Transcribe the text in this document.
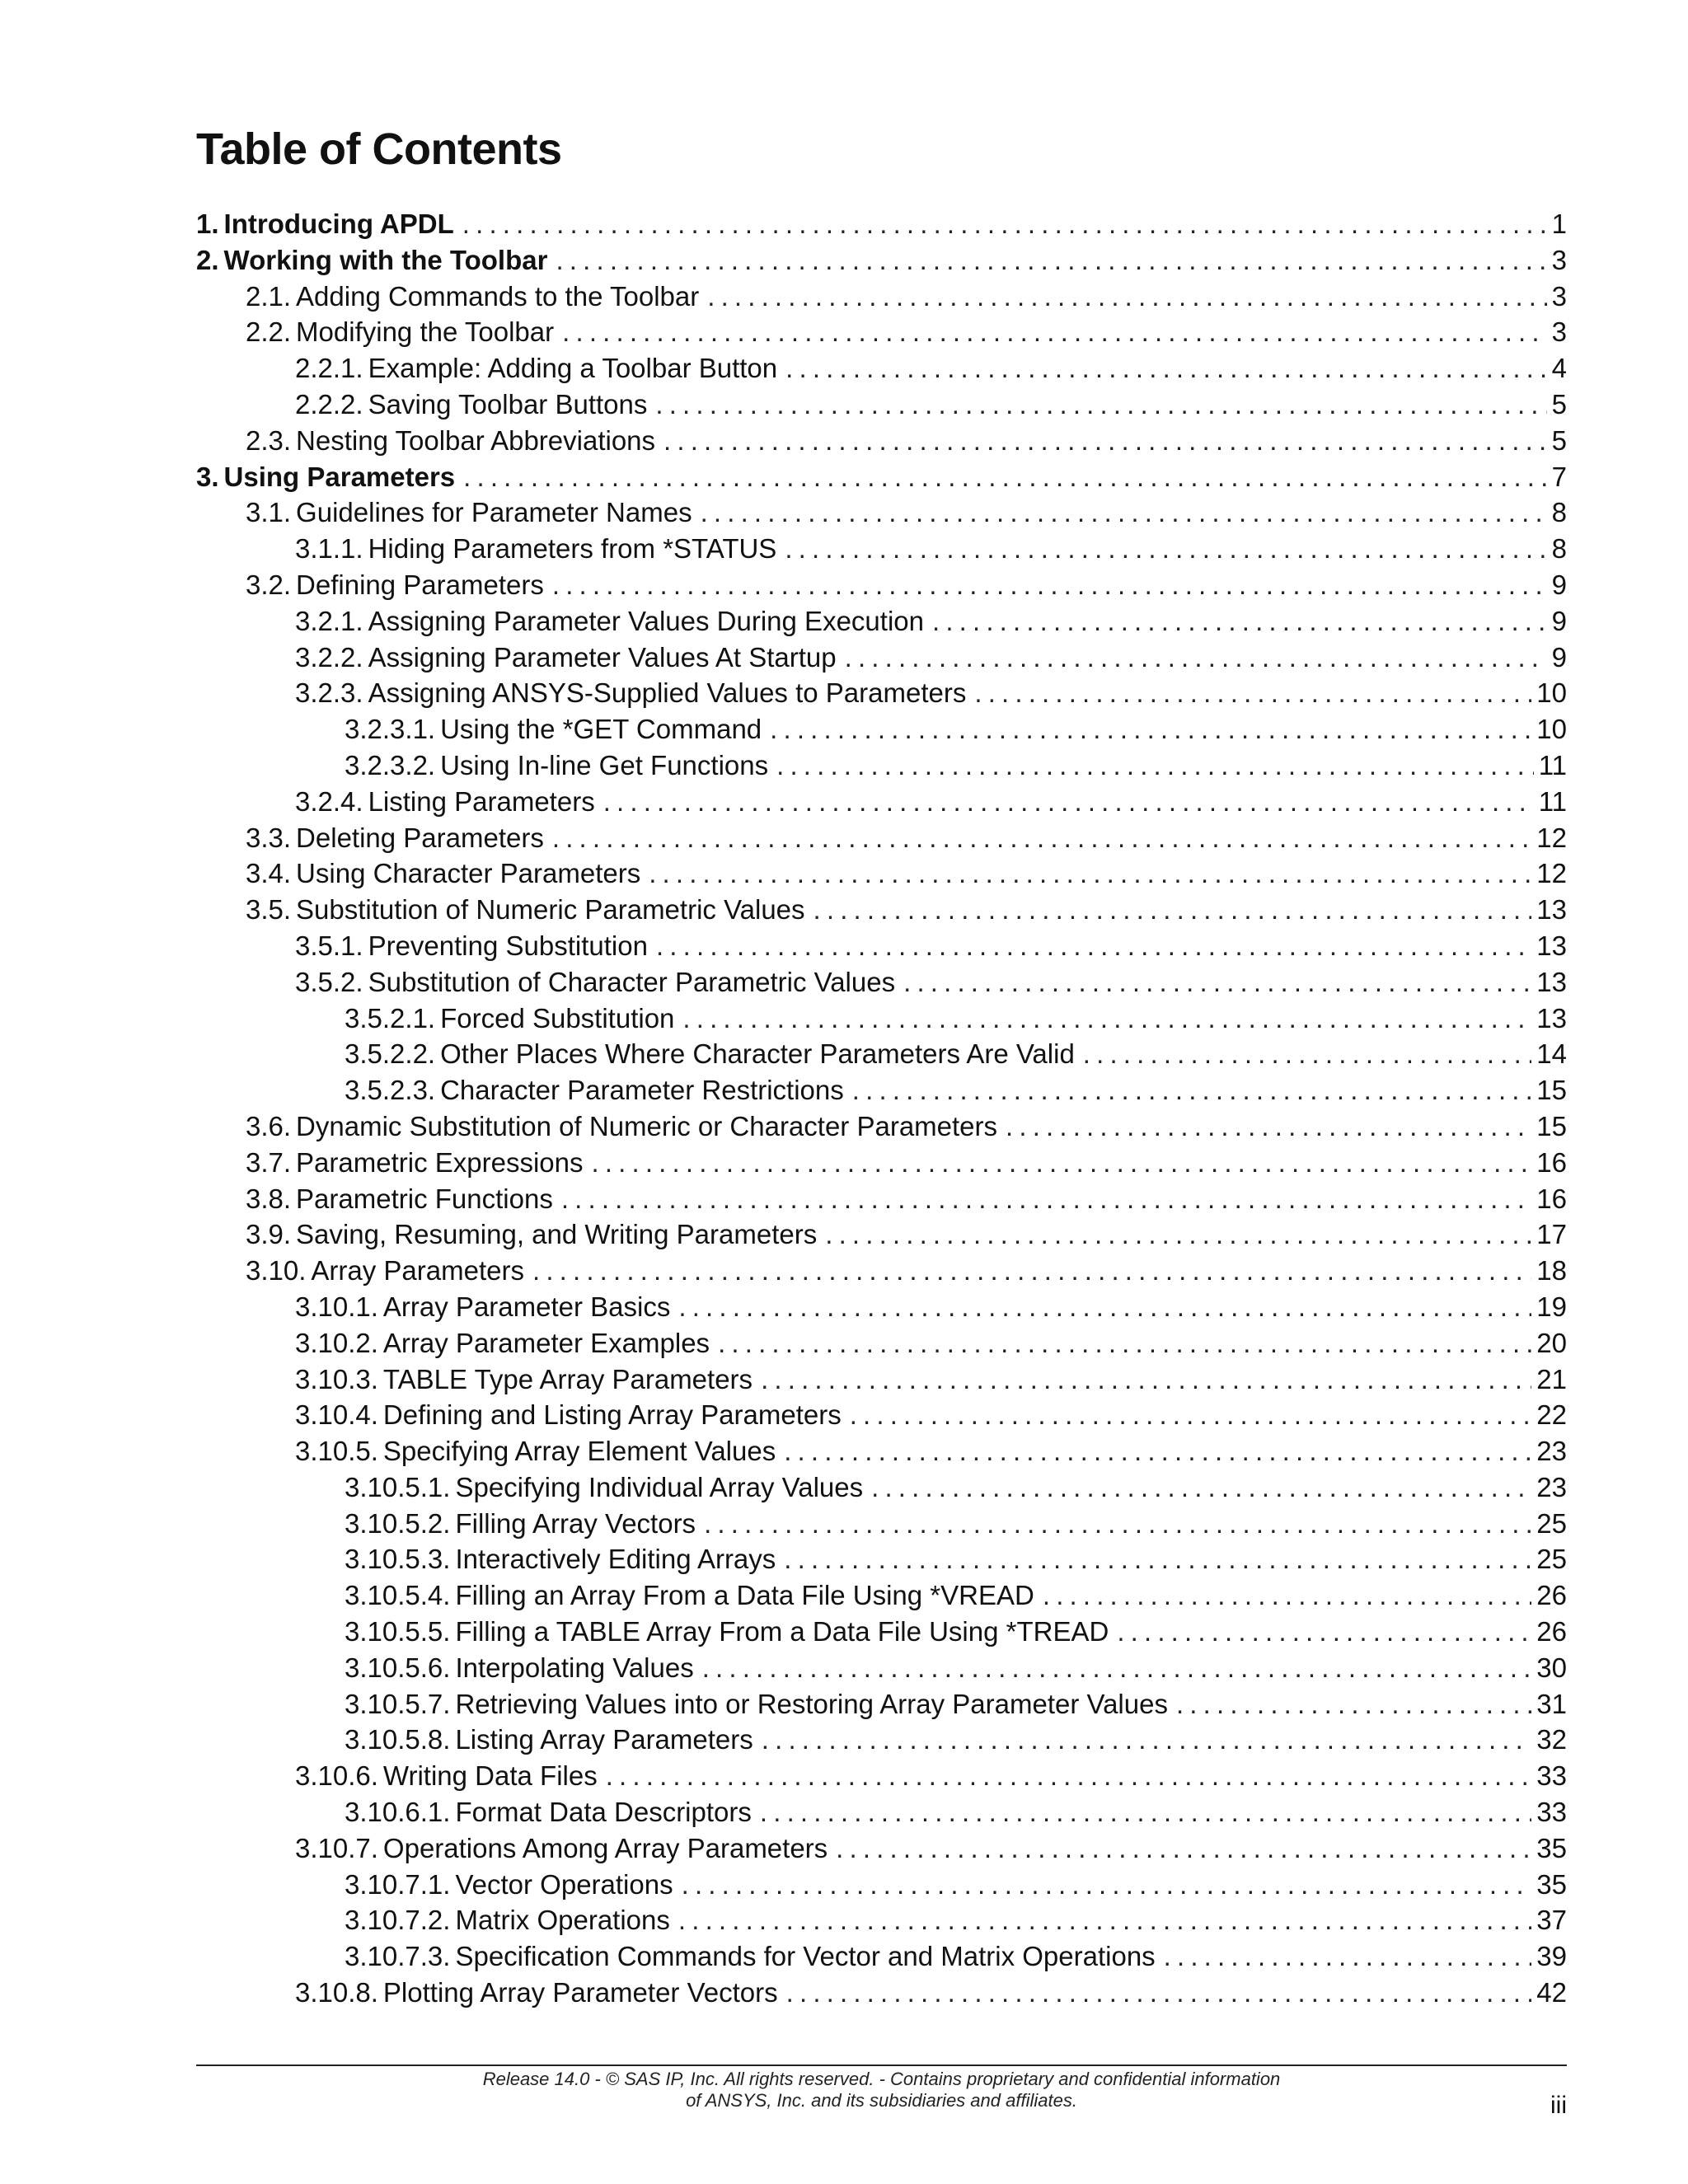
Table of Contents
1. Introducing APDL . . .	1
2. Working with the Toolbar . . .	3
2.1. Adding Commands to the Toolbar . . .	3
2.2. Modifying the Toolbar . . .	3
2.2.1. Example: Adding a Toolbar Button . . .	4
2.2.2. Saving Toolbar Buttons . . .	5
2.3. Nesting Toolbar Abbreviations . . .	5
3. Using Parameters . . .	7
3.1. Guidelines for Parameter Names . . .	8
3.1.1. Hiding Parameters from *STATUS . . .	8
3.2. Defining Parameters . . .	9
3.2.1. Assigning Parameter Values During Execution . . .	9
3.2.2. Assigning Parameter Values At Startup . . .	9
3.2.3. Assigning ANSYS-Supplied Values to Parameters . . .	10
3.2.3.1. Using the *GET Command . . .	10
3.2.3.2. Using In-line Get Functions . . .	11
3.2.4. Listing Parameters . . .	11
3.3. Deleting Parameters . . .	12
3.4. Using Character Parameters . . .	12
3.5. Substitution of Numeric Parametric Values . . .	13
3.5.1. Preventing Substitution . . .	13
3.5.2. Substitution of Character Parametric Values . . .	13
3.5.2.1. Forced Substitution . . .	13
3.5.2.2. Other Places Where Character Parameters Are Valid . . .	14
3.5.2.3. Character Parameter Restrictions . . .	15
3.6. Dynamic Substitution of Numeric or Character Parameters . . .	15
3.7. Parametric Expressions . . .	16
3.8. Parametric Functions . . .	16
3.9. Saving, Resuming, and Writing Parameters . . .	17
3.10. Array Parameters . . .	18
3.10.1. Array Parameter Basics . . .	19
3.10.2. Array Parameter Examples . . .	20
3.10.3. TABLE Type Array Parameters . . .	21
3.10.4. Defining and Listing Array Parameters . . .	22
3.10.5. Specifying Array Element Values . . .	23
3.10.5.1. Specifying Individual Array Values . . .	23
3.10.5.2. Filling Array Vectors . . .	25
3.10.5.3. Interactively Editing Arrays . . .	25
3.10.5.4. Filling an Array From a Data File Using *VREAD . . .	26
3.10.5.5. Filling a TABLE Array From a Data File Using *TREAD . . .	26
3.10.5.6. Interpolating Values . . .	30
3.10.5.7. Retrieving Values into or Restoring Array Parameter Values . . .	31
3.10.5.8. Listing Array Parameters . . .	32
3.10.6. Writing Data Files . . .	33
3.10.6.1. Format Data Descriptors . . .	33
3.10.7. Operations Among Array Parameters . . .	35
3.10.7.1. Vector Operations . . .	35
3.10.7.2. Matrix Operations . . .	37
3.10.7.3. Specification Commands for Vector and Matrix Operations . . .	39
3.10.8. Plotting Array Parameter Vectors . . .	42
Release 14.0 - © SAS IP, Inc. All rights reserved. - Contains proprietary and confidential information
of ANSYS, Inc. and its subsidiaries and affiliates.	iii
